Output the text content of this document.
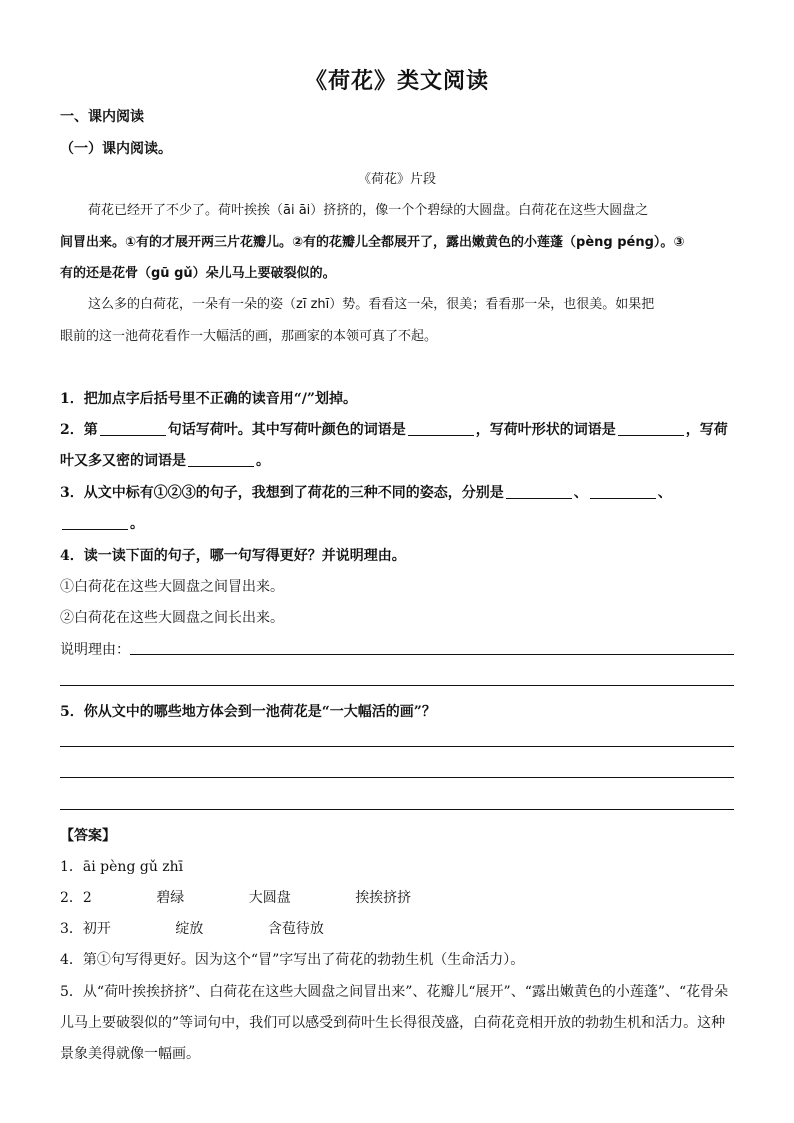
《荷花》类文阅读
一、课内阅读
（一）课内阅读。
《荷花》片段
荷花已经开了不少了。荷叶挨挨（āi āi）挤挤的，像一个个碧绿的大圆盘。白荷花在这些大圆盘之
间冒出来。①有的才展开两三片花瓣儿。②有的花瓣儿全都展开了，露出嫩黄色的小莲蓬（pèng péng）。③
有的还是花骨（gū gǔ）朵儿马上要破裂似的。
这么多的白荷花，一朵有一朵的姿（zī zhī）势。看看这一朵，很美；看看那一朵，也很美。如果把
眼前的这一池荷花看作一大幅活的画，那画家的本领可真了不起。
1．把加点字后括号里不正确的读音用“/”划掉。
2．第	句话写荷叶。其中写荷叶颜色的词语是	，写荷叶形状的词语是	，写荷
叶又多又密的词语是	。
3．从文中标有①②③的句子，我想到了荷花的三种不同的姿态，分别是	、	、
。
4．读一读下面的句子，哪一句写得更好？并说明理由。
①白荷花在这些大圆盘之间冒出来。
②白荷花在这些大圆盘之间长出来。
说明理由：
5．你从文中的哪些地方体会到一池荷花是“一大幅活的画”？
【答案】
1．āi pèng gǔ zhī
2．2	碧绿	大圆盘	挨挨挤挤
3．初开	绽放	含苞待放
4．第①句写得更好。因为这个“冒”字写出了荷花的勃勃生机（生命活力）。
5．从“荷叶挨挨挤挤”、白荷花在这些大圆盘之间冒出来”、花瓣儿“展开”、“露出嫩黄色的小莲蓬”、“花骨朵
儿马上要破裂似的”等词句中，我们可以感受到荷叶生长得很茂盛，白荷花竞相开放的勃勃生机和活力。这种
景象美得就像一幅画。
